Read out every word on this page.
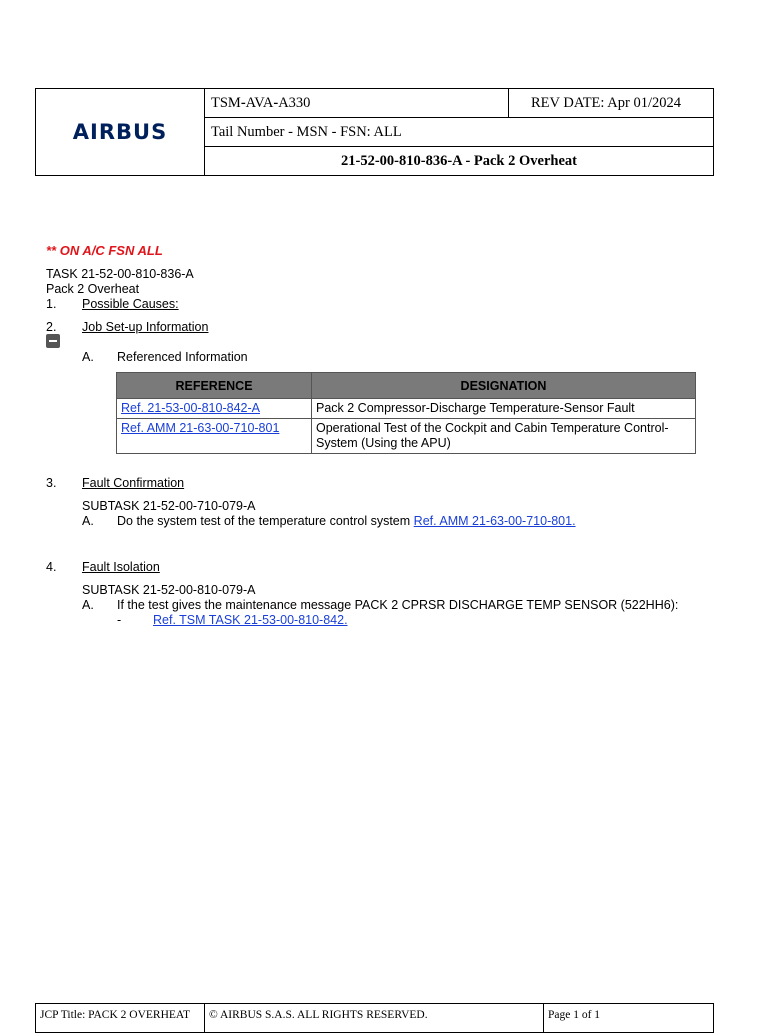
AIRBUS
TSM - AVA - A330	REV DATE: Apr 01/2024
Tail Number - MSN - FSN: ALL
21-52-00-810-836-A - Pack 2 Overheat
** ON A/C FSN ALL
TASK 21-52-00-810-836-A
Pack 2 Overheat
1. Possible Causes:
2. Job Set-up Information
A. Referenced Information
REFERENCE	DESIGNATION
Ref. 21-53-00-810-842-A	Pack 2 Compressor-Discharge Temperature-Sensor Fault
Ref. AMM 21-63-00-710-801	Operational Test of the Cockpit and Cabin Temperature Control-
System (Using the APU)
3. Fault Confirmation
SUBTASK 21-52-00-710-079-A
A. Do the system test of the temperature control system Ref. AMM 21-63-00-710-801.
4. Fault Isolation
SUBTASK 21-52-00-810-079-A
A. If the test gives the maintenance message PACK 2 CPRSR DISCHARGE TEMP SENSOR (522HH6):
-	Ref. TSM TASK 21-53-00-810-842.
JCP Title: PACK 2 OVERHEAT	© AIRBUS S.A.S. ALL RIGHTS RESERVED.	Page 1 of 1
